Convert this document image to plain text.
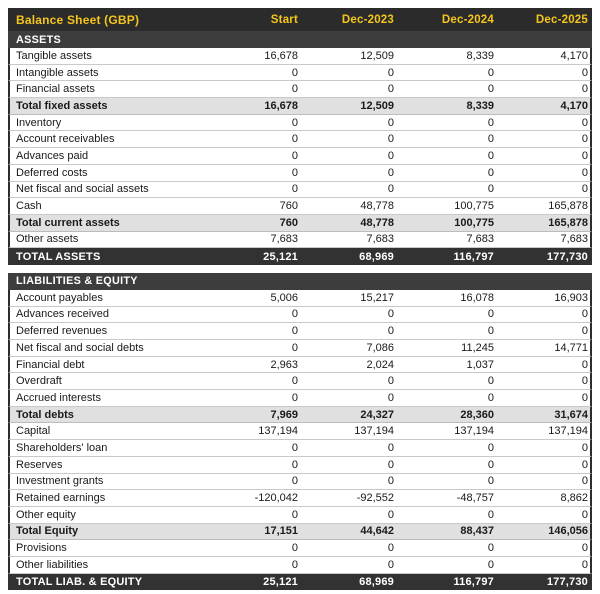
Balance Sheet (GBP)	Start	Dec-2023	Dec-2024	Dec-2025
ASSETS
Tangible assets	16,678	12,509	8,339	4,170
Intangible assets	0	0	0	0
Financial assets	0	0	0	0
Total fixed assets	16,678	12,509	8,339	4,170
Inventory	0	0	0	0
Account receivables	0	0	0	0
Advances paid	0	0	0	0
Deferred costs	0	0	0	0
Net fiscal and social assets	0	0	0	0
Cash	760	48,778	100,775	165,878
Total current assets	760	48,778	100,775	165,878
Other assets	7,683	7,683	7,683	7,683
TOTAL ASSETS	25,121	68,969	116,797	177,730
LIABILITIES & EQUITY
Account payables	5,006	15,217	16,078	16,903
Advances received	0	0	0	0
Deferred revenues	0	0	0	0
Net fiscal and social debts	0	7,086	11,245	14,771
Financial debt	2,963	2,024	1,037	0
Overdraft	0	0	0	0
Accrued interests	0	0	0	0
Total debts	7,969	24,327	28,360	31,674
Capital	137,194	137,194	137,194	137,194
Shareholders' loan	0	0	0	0
Reserves	0	0	0	0
Investment grants	0	0	0	0
Retained earnings	-120,042	-92,552	-48,757	8,862
Other equity	0	0	0	0
Total Equity	17,151	44,642	88,437	146,056
Provisions	0	0	0	0
Other liabilities	0	0	0	0
TOTAL LIAB. & EQUITY	25,121	68,969	116,797	177,730
